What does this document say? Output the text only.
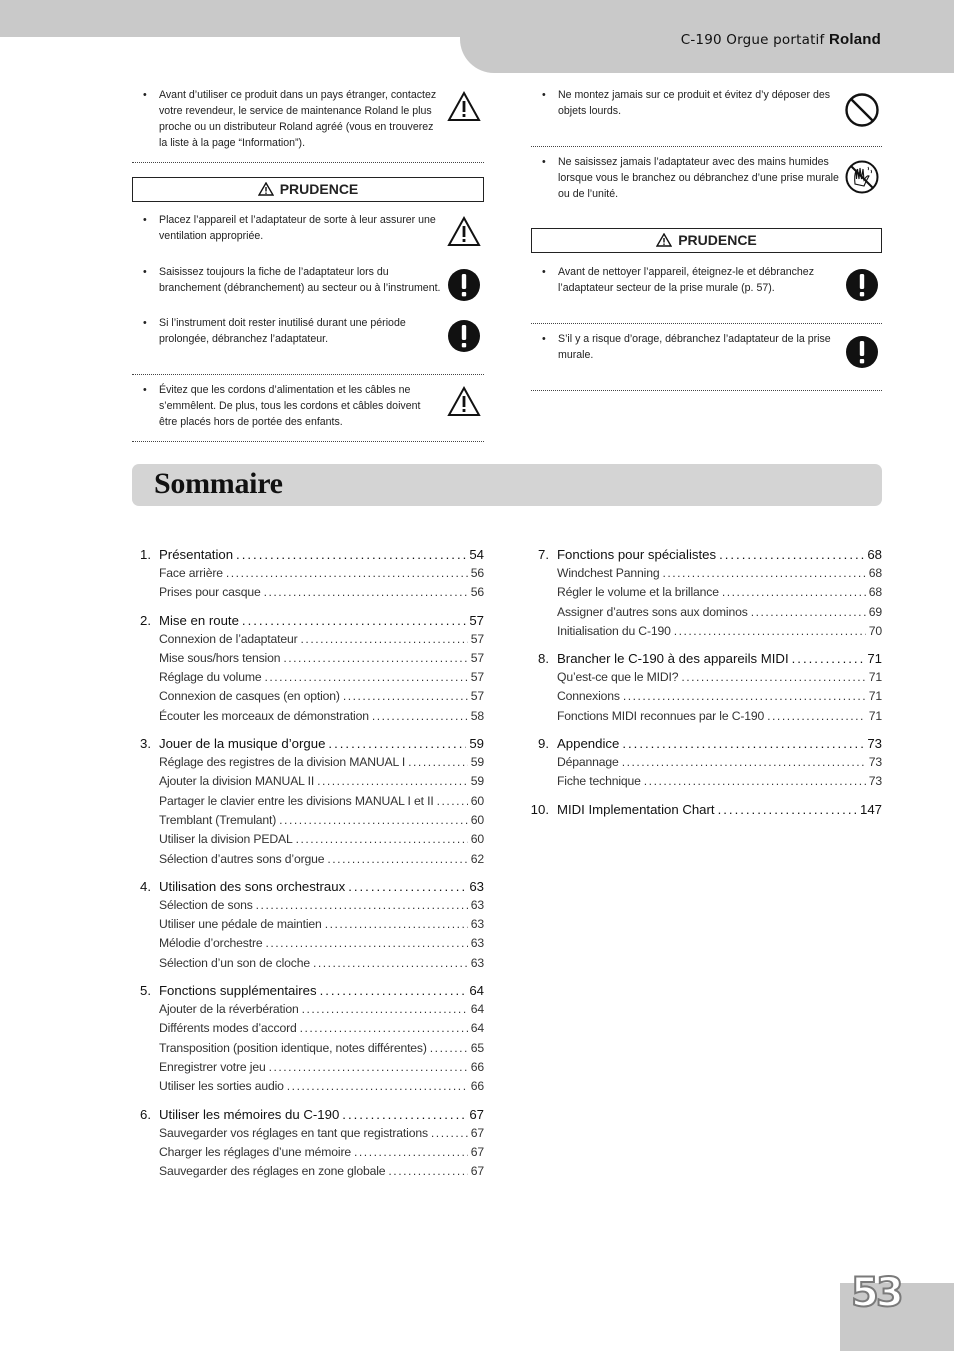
C-190 Orgue portatif Roland
• Avant d’utiliser ce produit dans un pays étranger, contactez votre revendeur, le service de maintenance Roland le plus proche ou un distributeur Roland agréé (vous en trouverez la liste à la page “Information”).
PRUDENCE
• Placez l’appareil et l’adaptateur de sorte à leur assurer une ventilation appropriée.
• Saisissez toujours la fiche de l’adaptateur lors du branchement (débranchement) au secteur ou à l’instrument.
• Si l’instrument doit rester inutilisé durant une période prolongée, débranchez l’adaptateur.
• Évitez que les cordons d’alimentation et les câbles ne s’emmêlent. De plus, tous les cordons et câbles doivent être placés hors de portée des enfants.
• Ne montez jamais sur ce produit et évitez d’y déposer des objets lourds.
• Ne saisissez jamais l’adaptateur avec des mains humides lorsque vous le branchez ou débranchez d’une prise murale ou de l’unité.
PRUDENCE
• Avant de nettoyer l’appareil, éteignez-le et débranchez l’adaptateur secteur de la prise murale (p. 57).
• S’il y a risque d’orage, débranchez l’adaptateur de la prise murale.
Sommaire
1. Présentation .....	54
Face arrière .....	56
Prises pour casque .....	56
2. Mise en route .....	57
Connexion de l’adaptateur .....	57
Mise sous/hors tension .....	57
Réglage du volume .....	57
Connexion de casques (en option) .....	57
Écouter les morceaux de démonstration .....	58
3. Jouer de la musique d’orgue .....	59
Réglage des registres de la division MANUAL I .....	59
Ajouter la division MANUAL II .....	59
Partager le clavier entre les divisions MANUAL I et II .....	60
Tremblant (Tremulant) .....	60
Utiliser la division PEDAL .....	60
Sélection d’autres sons d’orgue .....	62
4. Utilisation des sons orchestraux .....	63
Sélection de sons .....	63
Utiliser une pédale de maintien .....	63
Mélodie d’orchestre .....	63
Sélection d’un son de cloche .....	63
5. Fonctions supplémentaires .....	64
Ajouter de la réverbération .....	64
Différents modes d’accord .....	64
Transposition (position identique, notes différentes) .....	65
Enregistrer votre jeu .....	66
Utiliser les sorties audio .....	66
6. Utiliser les mémoires du C-190 .....	67
Sauvegarder vos réglages en tant que registrations .....	67
Charger les réglages d’une mémoire .....	67
Sauvegarder des réglages en zone globale .....	67
7. Fonctions pour spécialistes .....	68
Windchest Panning .....	68
Régler le volume et la brillance .....	68
Assigner d’autres sons aux dominos .....	69
Initialisation du C-190 .....	70
8. Brancher le C-190 à des appareils MIDI .....	71
Qu’est-ce que le MIDI? .....	71
Connexions .....	71
Fonctions MIDI reconnues par le C-190 .....	71
9. Appendice .....	73
Dépannage .....	73
Fiche technique .....	73
10. MIDI Implementation Chart .....	147
53
